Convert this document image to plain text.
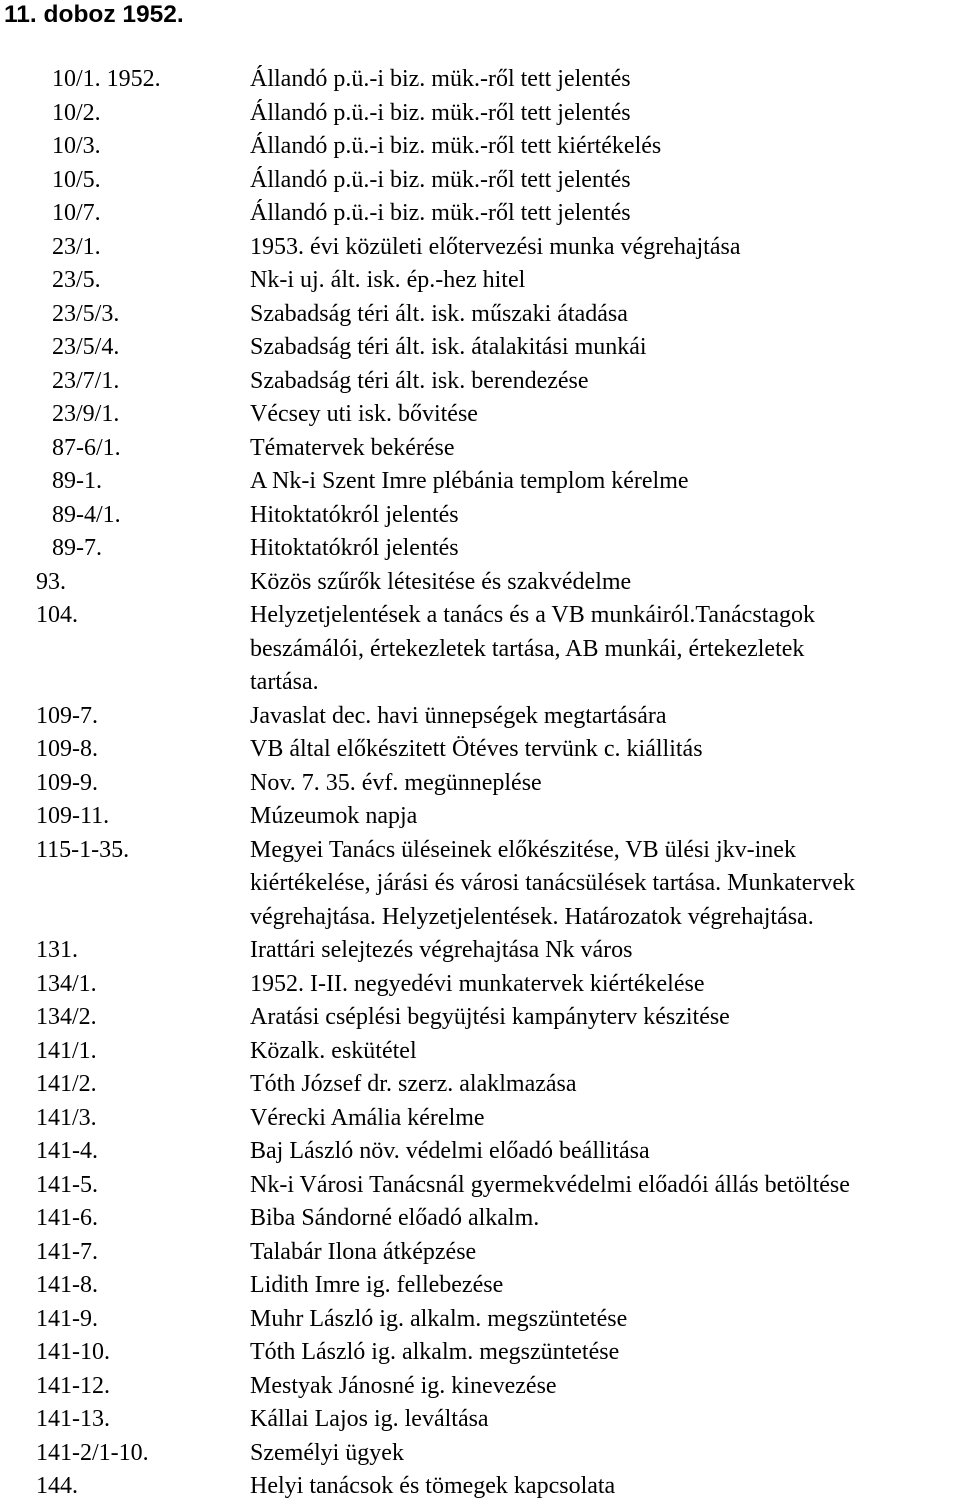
11. doboz 1952.
10/1. 1952.	Állandó p.ü.-i biz. mük.-ről tett jelentés
10/2.	Állandó p.ü.-i biz. mük.-ről tett jelentés
10/3.	Állandó p.ü.-i biz. mük.-ről tett kiértékelés
10/5.	Állandó p.ü.-i biz. mük.-ről tett jelentés
10/7.	Állandó p.ü.-i biz. mük.-ről tett jelentés
23/1.	1953. évi közületi előtervezési munka végrehajtása
23/5.	Nk-i uj. ált. isk. ép.-hez hitel
23/5/3.	Szabadság téri ált. isk. műszaki átadása
23/5/4.	Szabadság téri ált. isk. átalakitási munkái
23/7/1.	Szabadság téri ált. isk. berendezése
23/9/1.	Vécsey uti isk. bővitése
87-6/1.	Tématervek bekérése
89-1.	A Nk-i Szent Imre plébánia templom kérelme
89-4/1.	Hitoktatókról jelentés
89-7.	Hitoktatókról jelentés
93.	Közös szűrők létesitése és szakvédelme
104.	Helyzetjelentések a tanács és a VB munkáiról.Tanácstagok
beszámálói, értekezletek tartása, AB munkái, értekezletek
tartása.
109-7.	Javaslat dec. havi ünnepségek megtartására
109-8.	VB által előkészitett Ötéves tervünk c. kiállitás
109-9.	Nov. 7. 35. évf. megünneplése
109-11.	Múzeumok napja
115-1-35.	Megyei Tanács üléseinek előkészitése, VB ülési jkv-inek
kiértékelése, járási és városi tanácsülések tartása. Munkatervek
végrehajtása. Helyzetjelentések. Határozatok végrehajtása.
131.	Irattári selejtezés végrehajtása Nk város
134/1.	1952. I-II. negyedévi munkatervek kiértékelése
134/2.	Aratási cséplési begyüjtési kampányterv készitése
141/1.	Közalk. eskütétel
141/2.	Tóth József dr. szerz. alaklmazása
141/3.	Vérecki Amália kérelme
141-4.	Baj László növ. védelmi előadó beállitása
141-5.	Nk-i Városi Tanácsnál gyermekvédelmi előadói állás betöltése
141-6.	Biba Sándorné előadó alkalm.
141-7.	Talabár Ilona átképzése
141-8.	Lidith Imre ig. fellebezése
141-9.	Muhr László ig. alkalm. megszüntetése
141-10.	Tóth László ig. alkalm. megszüntetése
141-12.	Mestyak Jánosné ig. kinevezése
141-13.	Kállai Lajos ig. leváltása
141-2/1-10.	Személyi ügyek
144.	Helyi tanácsok és tömegek kapcsolata
